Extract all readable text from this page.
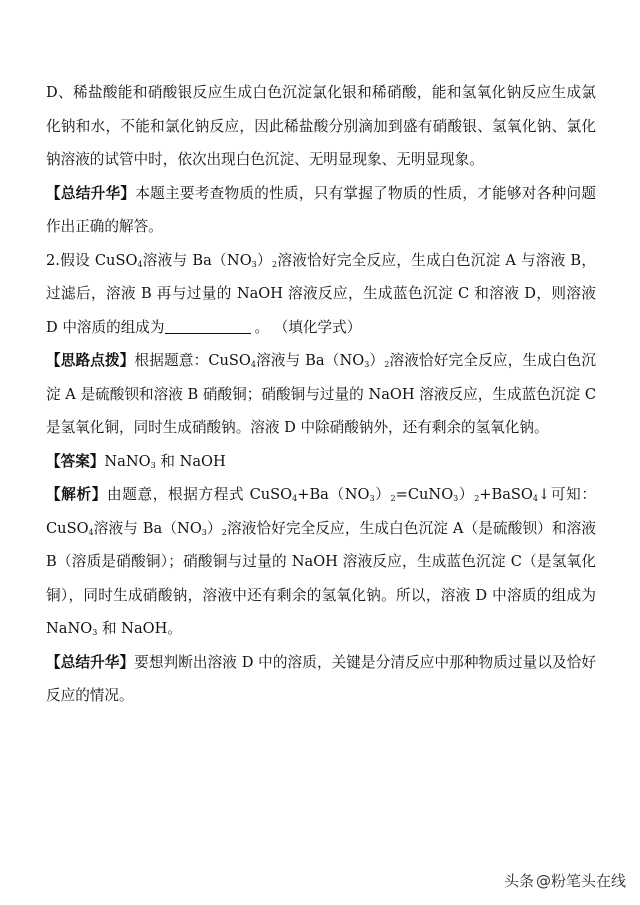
D、稀盐酸能和硝酸银反应生成白色沉淀氯化银和稀硝酸，能和氢氧化钠反应生成氯化钠和水，不能和氯化钠反应，因此稀盐酸分别滴加到盛有硝酸银、氢氧化钠、氯化钠溶液的试管中时，依次出现白色沉淀、无明显现象、无明显现象。

【总结升华】本题主要考查物质的性质，只有掌握了物质的性质，才能够对各种问题作出正确的解答。

2.假设 CuSO$_4$溶液与 $Ba(NO_3)_2$溶液恰好完全反应，生成白色沉淀 A 与溶液 B，过滤后，溶液 B 再与过量的 NaOH 溶液反应，生成蓝色沉淀 C 和溶液 D，则溶液 D 中溶质的组成为	。 （填化学式）

【思路点拨】根据题意：CuSO$_4$溶液与 $Ba(NO_3)_2$溶液恰好完全反应，生成白色沉淀 A 是硫酸钡和溶液 B 硝酸铜；硝酸铜与过量的 NaOH 溶液反应，生成蓝色沉淀 C 是氢氧化铜，同时生成硝酸钠。溶液 D 中除硝酸钠外，还有剩余的氢氧化钠。

【答案】NaNO$_3$ 和 NaOH

【解析】由题意，根据方程式 $CuSO_4+Ba(NO_3)_2=CuNO_3)_2+BaSO_4↓$可知：CuSO$_4$溶液与 $Ba(NO_3)_2$溶液恰好完全反应，生成白色沉淀 A（是硫酸钡）和溶液 B（溶质是硝酸铜）；硝酸铜与过量的 NaOH 溶液反应，生成蓝色沉淀 C（是氢氧化铜），同时生成硝酸钠，溶液中还有剩余的氢氧化钠。所以，溶液 D 中溶质的组成为 NaNO$_3$ 和 NaOH。

【总结升华】要想判断出溶液 D 中的溶质，关键是分清反应中那种物质过量以及恰好反应的情况。

头条 @粉笔头在线
